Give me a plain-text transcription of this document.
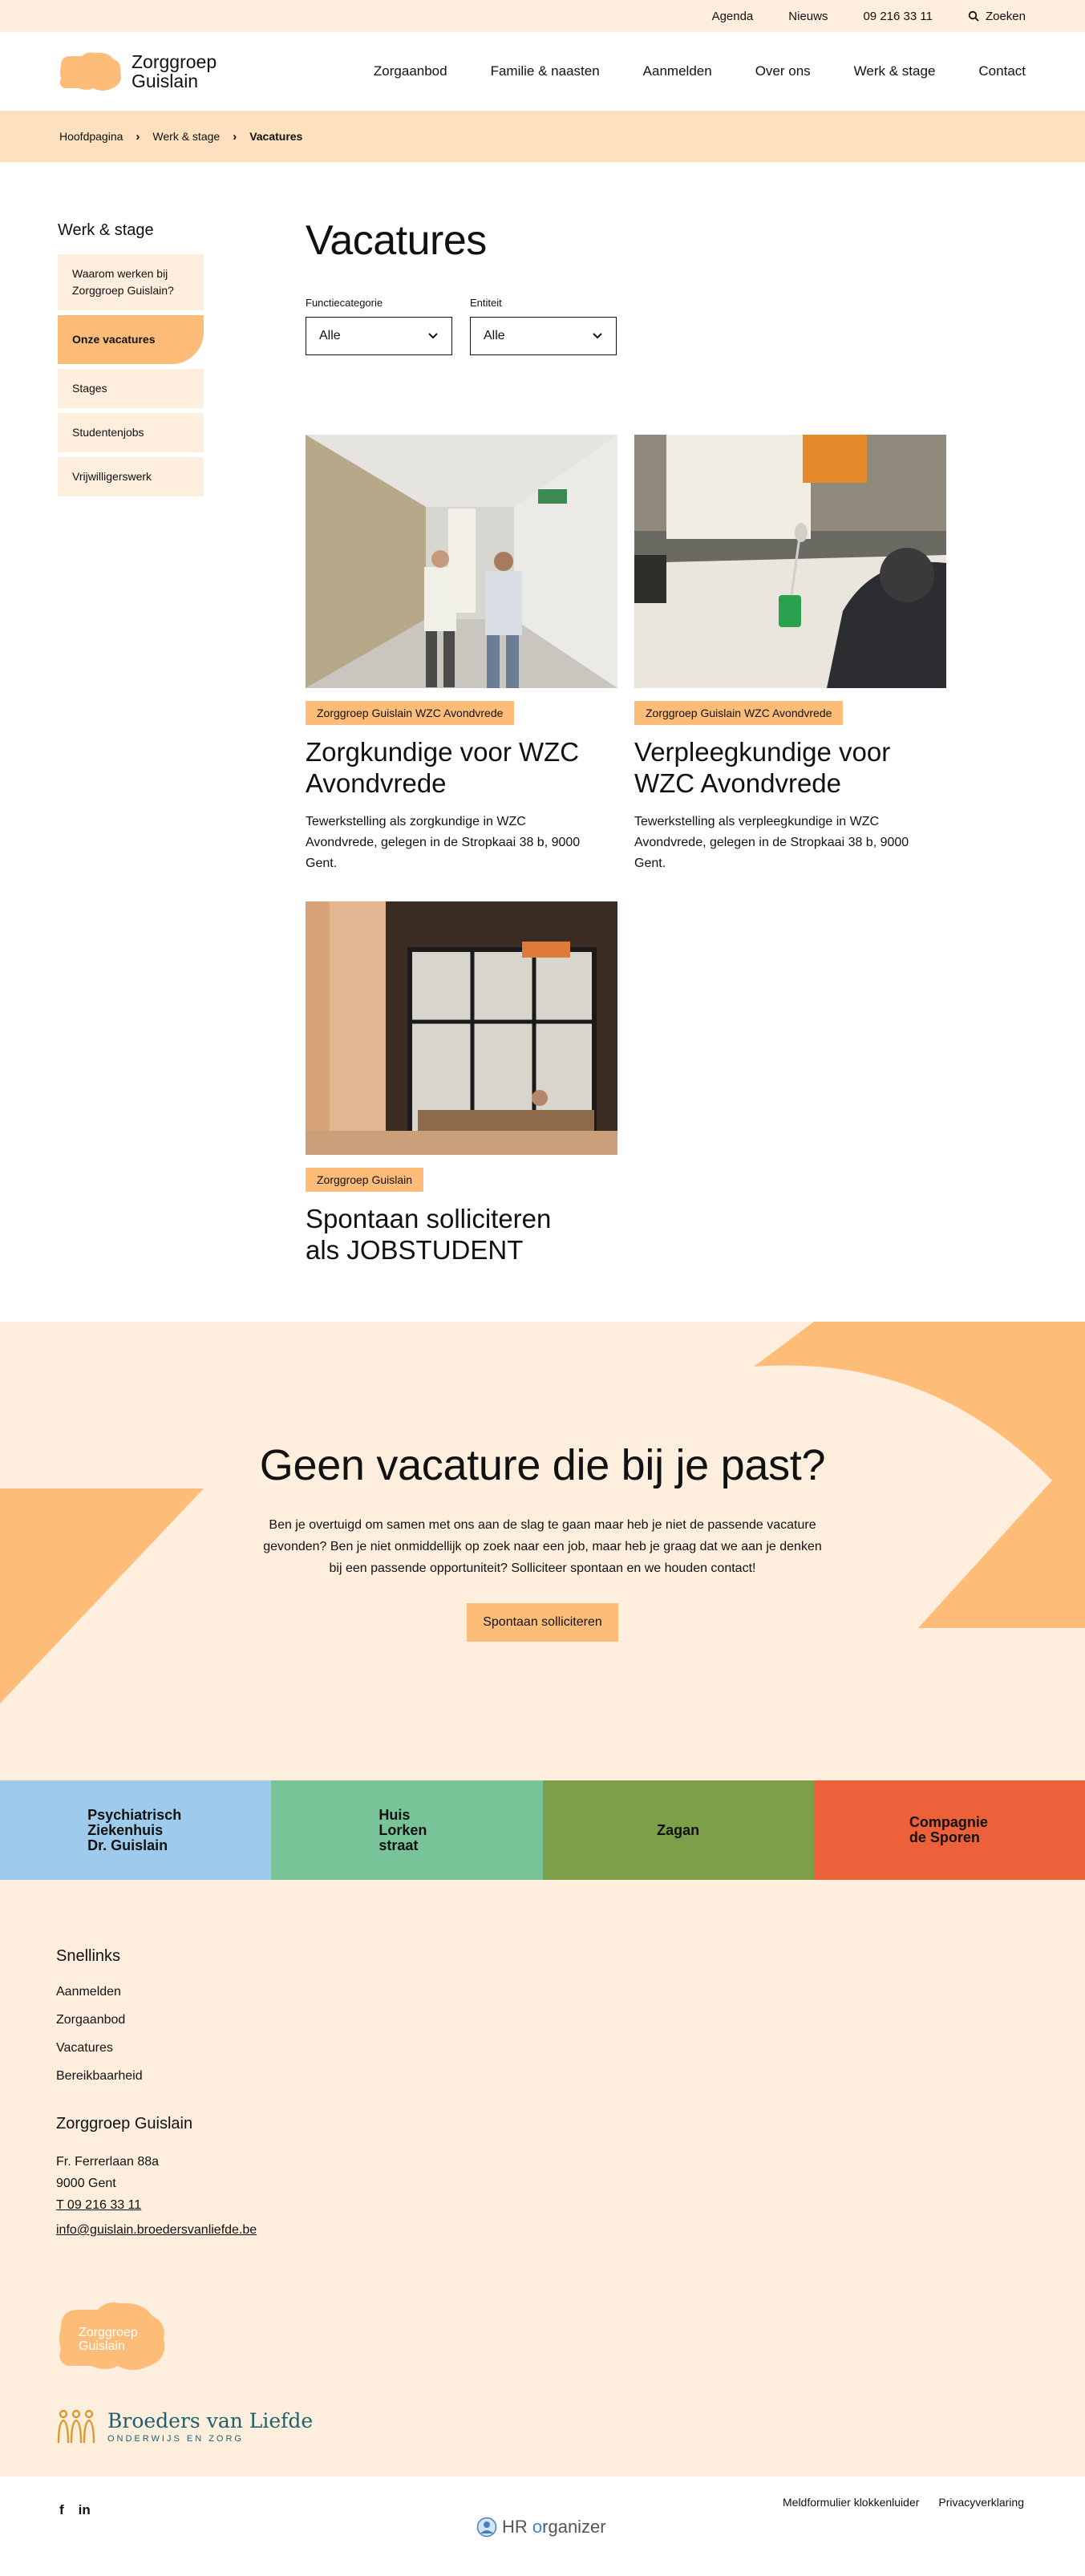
Agenda	Nieuws	09 216 33 11	Zoeken
Zorggroep
Guislain	Zorgaanbod	Familie & naasten	Aanmelden	Over ons	Werk & stage	Contact
Hoofdpagina › Werk & stage › Vacatures
Werk & stage
Waarom werken bij Zorggroep Guislain?
Onze vacatures
Stages
Studentenjobs
Vrijwilligerswerk
Vacatures
Functiecategorie
Alle
Entiteit
Alle
Zorggroep Guislain WZC Avondvrede
Zorgkundige voor WZC Avondvrede

Tewerkstelling als zorgkundige in WZC Avondvrede, gelegen in de Stropkaai 38 b, 9000 Gent.

Zorggroep Guislain WZC Avondvrede
Verpleegkundige voor WZC Avondvrede

Tewerkstelling als verpleegkundige in WZC Avondvrede, gelegen in de Stropkaai 38 b, 9000 Gent.

Zorggroep Guislain
Spontaan solliciteren als JOBSTUDENT
Geen vacature die bij je past?

Ben je overtuigd om samen met ons aan de slag te gaan maar heb je niet de passende vacature gevonden? Ben je niet onmiddellijk op zoek naar een job, maar heb je graag dat we aan je denken bij een passende opportuniteit? Solliciteer spontaan en we houden contact!

Spontaan solliciteren
Psychiatrisch Ziekenhuis Dr. Guislain
Huis Lorken straat
Zagan	Compagnie de Sporen
Snellinks
Aanmelden
Zorgaanbod
Vacatures
Bereikbaarheid
Zorggroep Guislain
Fr. Ferrerlaan 88a
9000 Gent
T 09 216 33 11
info@guislain.broedersvanliefde.be
Zorggroep
Guislain
Broeders van Liefde
ONDERWIJS EN ZORG
f in	Meldformulier klokkenluider Privacyverklaring
HR organizer
